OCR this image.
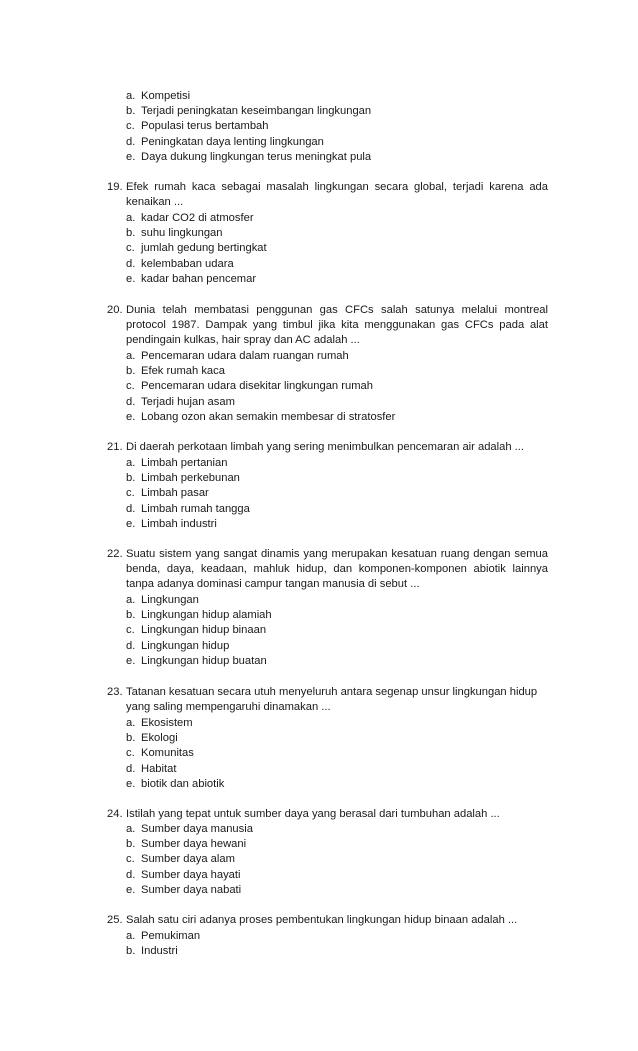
a. Kompetisi
b. Terjadi peningkatan keseimbangan lingkungan
c. Populasi terus bertambah
d. Peningkatan daya lenting lingkungan
e. Daya dukung lingkungan terus meningkat pula
19. Efek rumah kaca sebagai masalah lingkungan secara global, terjadi karena ada kenaikan ...
a. kadar CO2 di atmosfer
b. suhu lingkungan
c. jumlah gedung bertingkat
d. kelembaban udara
e. kadar bahan pencemar
20. Dunia telah membatasi penggunan gas CFCs salah satunya melalui montreal protocol 1987. Dampak yang timbul jika kita menggunakan gas CFCs pada alat pendingain kulkas, hair spray dan AC adalah ...
a. Pencemaran udara dalam ruangan rumah
b. Efek rumah kaca
c. Pencemaran udara disekitar lingkungan rumah
d. Terjadi hujan asam
e. Lobang ozon akan semakin membesar di stratosfer
21. Di daerah perkotaan limbah yang sering menimbulkan pencemaran air adalah ...
a. Limbah pertanian
b. Limbah perkebunan
c. Limbah pasar
d. Limbah rumah tangga
e. Limbah industri
22. Suatu sistem yang sangat dinamis yang merupakan kesatuan ruang dengan semua benda, daya, keadaan, mahluk hidup, dan komponen-komponen abiotik lainnya tanpa adanya dominasi campur tangan manusia di sebut ...
a. Lingkungan
b. Lingkungan hidup alamiah
c. Lingkungan hidup binaan
d. Lingkungan hidup
e. Lingkungan hidup buatan
23. Tatanan kesatuan secara utuh menyeluruh antara segenap unsur lingkungan hidup yang saling mempengaruhi dinamakan ...
a. Ekosistem
b. Ekologi
c. Komunitas
d. Habitat
e. biotik dan abiotik
24. Istilah yang tepat untuk sumber daya yang berasal dari tumbuhan adalah ...
a. Sumber daya manusia
b. Sumber daya hewani
c. Sumber daya alam
d. Sumber daya hayati
e. Sumber daya nabati
25. Salah satu ciri adanya proses pembentukan lingkungan hidup binaan adalah ...
a. Pemukiman
b. Industri
